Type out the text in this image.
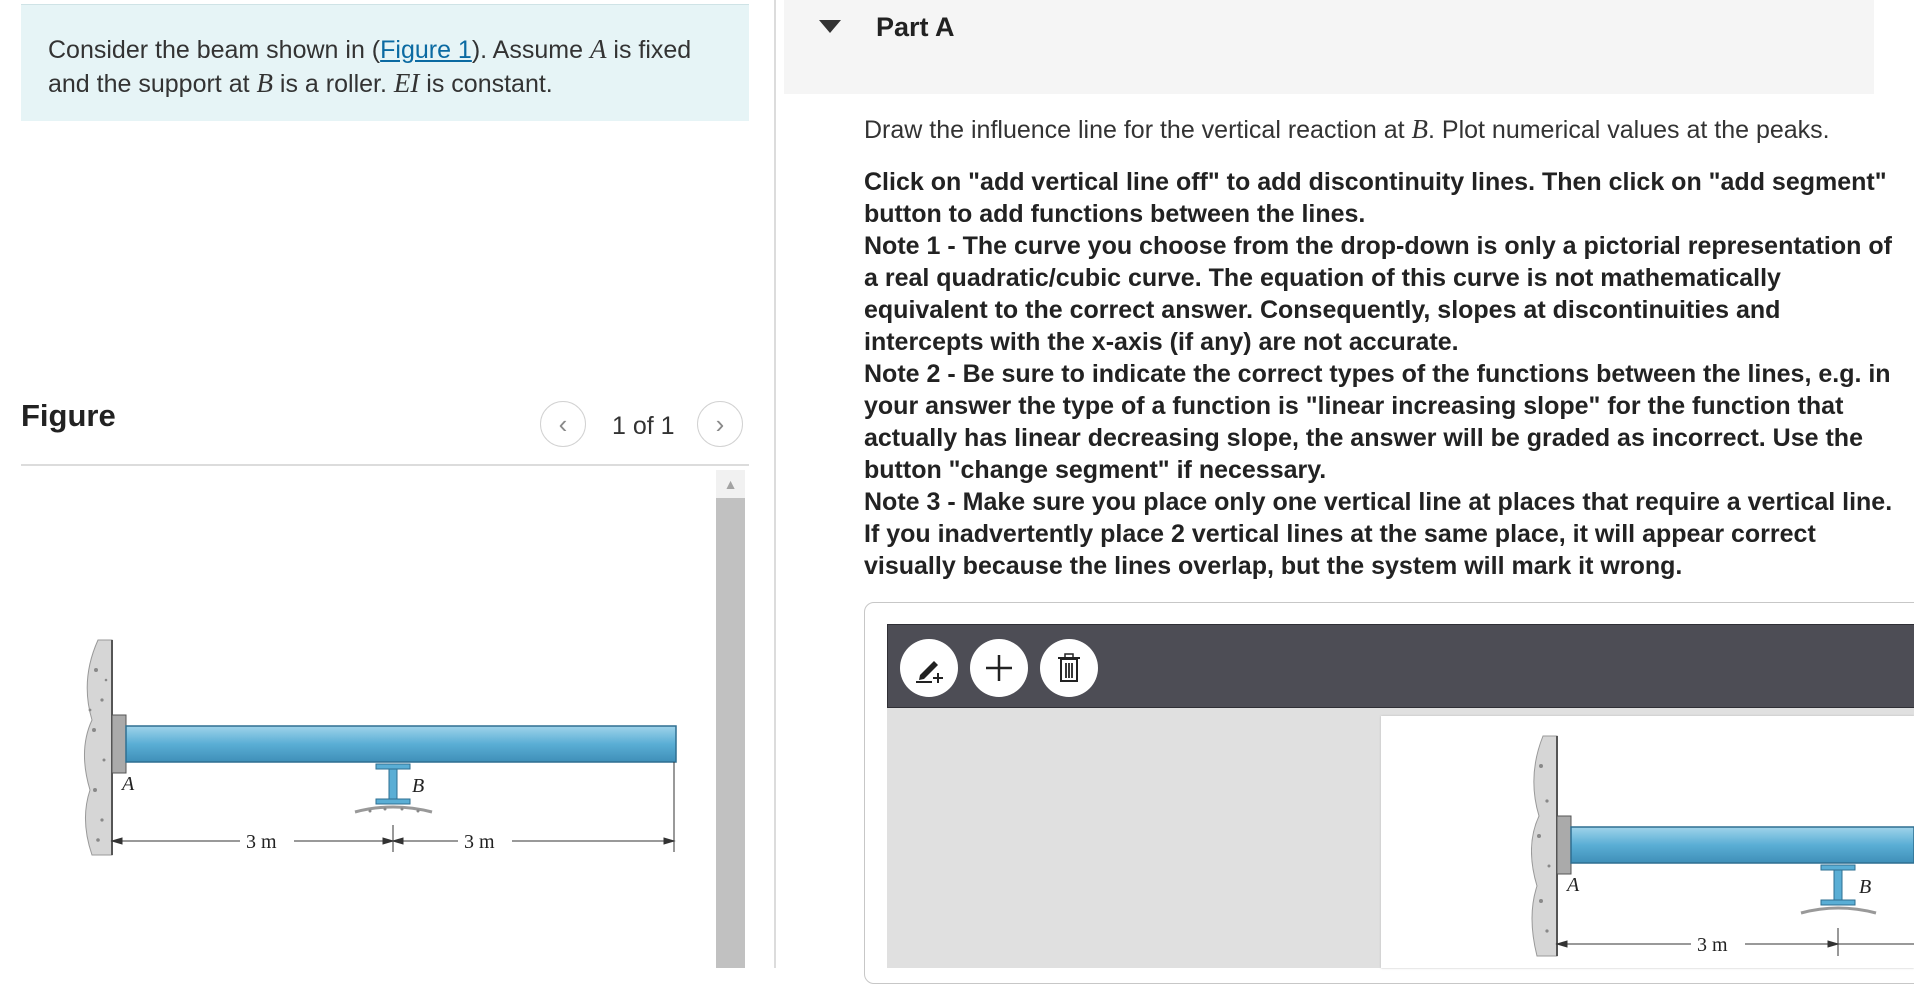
Consider the beam shown in (Figure 1). Assume A is fixed and the support at B is a roller. EI is constant.
Figure	‹ 1 of 1 ›
A	B
3 m	3 m
▲
Part A
Draw the influence line for the vertical reaction at B. Plot numerical values at the peaks.

Click on "add vertical line off" to add discontinuity lines. Then click on "add segment" button to add functions between the lines.

Note 1 - The curve you choose from the drop-down is only a pictorial representation of a real quadratic/cubic curve. The equation of this curve is not mathematically equivalent to the correct answer. Consequently, slopes at discontinuities and intercepts with the x-axis (if any) are not accurate.

Note 2 - Be sure to indicate the correct types of the functions between the lines, e.g. in your answer the type of a function is "linear increasing slope" for the function that actually has linear decreasing slope, the answer will be graded as incorrect. Use the button "change segment" if necessary.

Note 3 - Make sure you place only one vertical line at places that require a vertical line. If you inadvertently place 2 vertical lines at the same place, it will appear correct visually because the lines overlap, but the system will mark it wrong.

A	B
3 m
